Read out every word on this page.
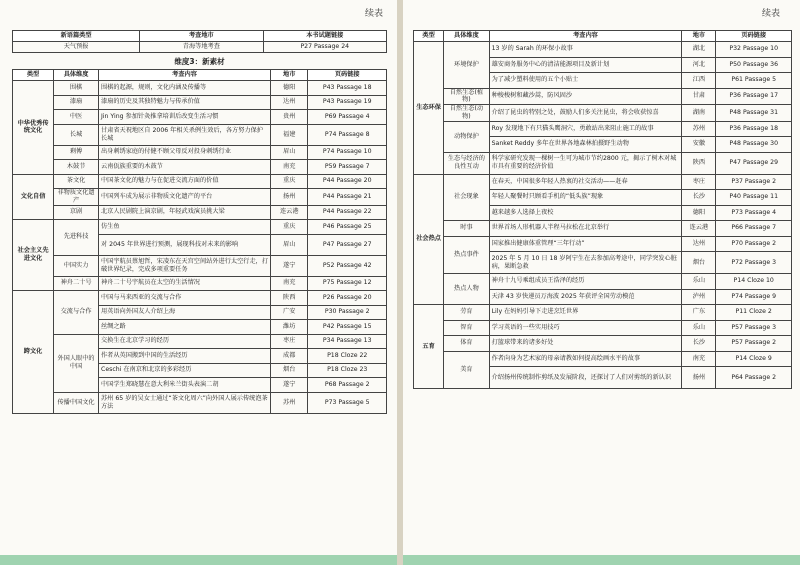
续表
新语篇类型	考查地市	本书试题链接
天气预报	青海等地考查	P27 Passage 24
维度3：新素材
类型	具体维度	考查内容	地市	页码链接
中华优秀传统文化	围棋	围棋的起源，规则，文化内涵及传播等	德阳	P43 Passage 18
	漆扇	漆扇的历史及其独特魅力与传承价值	达州	P43 Passage 19
	中医	Jin Ying 参加针灸推拿培训后改变生活习惯	贵州	P69 Passage 4
	长城	甘肃省天祝地区自 2006 年相关杀例生效后，各方努力保护长城	福建	P74 Passage 8
	剩傅	出身刺绣家庭的付健不顾父母反对投身刺绣行业	眉山	P74 Passage 10
	木鼓节	云南佤族重要的木鼓节	南充	P59 Passage 7
文化自信	茶文化	中国茶文化的魅力与在促进交流方面的价值	重庆	P44 Passage 20
	非物质文化遗产	中国列车成为展示非物质文化遗产的平台	扬州	P44 Passage 21
	京剧	北京人民剧院上演京剧，年轻武戏演员挑大梁	连云港	P44 Passage 22
社会主义先进文化	先进科技	仿生鱼	重庆	P46 Passage 25
		对 2045 年世界进行预测，展现科技对未来的影响	眉山	P47 Passage 27
	中国实力	中国宇航员蔡旭哲，宋凌东在天宫空间站外进行太空行走，打破世界纪录，完成多项重要任务	遂宁	P52 Passage 42
	神舟二十号	神舟二十号宇航员在太空的生活情况	南充	P75 Passage 12
跨文化	交流与合作	中国与马来西亚的交流与合作	陕西	P26 Passage 20
		用英语向外国友人介绍上海	广安	P30 Passage 2
		丝绸之路	潍坊	P42 Passage 15
	外国人眼中的中国	交换生在北京学习的经历	枣庄	P34 Passage 13
		作者从英国搬到中国的生活经历	成都	P18 Cloze 22
		Ceschi 在南京和北京的多彩经历	烟台	P18 Cloze 23
		中国学生郑晓慧在意大利米兰街头表演二胡	遂宁	P68 Passage 2
	传播中国文化	苏州 65 岁的吴女士通过“茶文化周六”向外国人展示传统泡茶方法	苏州	P73 Passage 5
续表
类型	具体维度	考查内容	地市	页码链接
生态环保	环境保护	13 岁的 Sarah 的环保小故事	湖北	P32 Passage 10
		雄安商务服务中心的清洁能源项目及新计划	河北	P50 Passage 36
		为了减少塑料使用的五个小贴士	江西	P61 Passage 5
	自然生态(植物)	种梭梭树和藏沙蒿，防风固沙	甘肃	P36 Passage 17
	自然生态(动物)	介绍了昆虫的特别之处，鼓励人们多关注昆虫，将会收获惊喜	湖南	P48 Passage 31
	动物保护	Roy 发现地下有只猫头鹰洞穴，勇敢站出来阻止施工的故事	苏州	P36 Passage 18
		Sanket Reddy 多年在世界各地森林拍摄野生动物	安徽	P48 Passage 30
	生态与经济的良性互动	科学家研究发现一棵树一生可为城市节约2800 元，揭示了树木对城市具有重要的经济价值	陕西	P47 Passage 29
社会热点	社会现象	在春天，中国很多年轻人热衷的社交活动——赶春	枣庄	P37 Passage 2
		年轻人聚餐时只顾看手机的“低头族”现象	长沙	P40 Passage 11
		越来越多人选择上夜校	德阳	P73 Passage 4
	时事	世界首场人形机器人半程马拉松在北京举行	连云港	P66 Passage 7
	热点事件	国家推出健康体重管理“三年行动”	达州	P70 Passage 2
		2025 年 5 月 10 日 18 岁阿宁生在去参加高考途中，同学突发心脏病，果断急救	烟台	P72 Passage 3
	热点人物	神舟十九号乘组成员王浩泽的经历	乐山	P14 Cloze 10
		天津 43 岁快递员万海波 2025 年获评全国劳动模范	泸州	P74 Passage 9
五育	劳育	Lily 在妈妈引导下走进烹饪世界	广东	P11 Cloze 2
	智育	学习英语的一些实用技巧	乐山	P57 Passage 3
	体育	打篮球带来的诸多好处	长沙	P57 Passage 2
	美育	作者向身为艺术家的母亲请教如何提高绘画水平的故事	南充	P14 Cloze 9
		介绍扬州传统制作剪纸及发展阶段，还探讨了人们对剪纸的新认识	扬州	P64 Passage 2
